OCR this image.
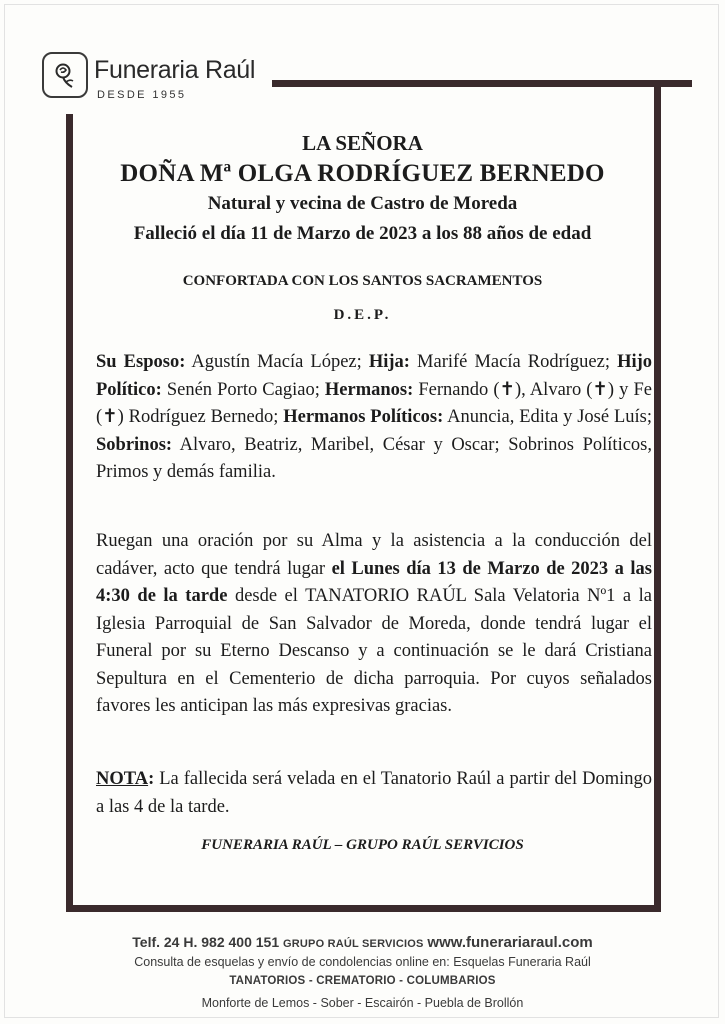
Funeraria Raúl
DESDE 1955
LA SEÑORA
DOÑA Mª OLGA RODRÍGUEZ BERNEDO
Natural y vecina de Castro de Moreda
Falleció el día 11 de Marzo de 2023 a los 88 años de edad
CONFORTADA CON LOS SANTOS SACRAMENTOS
D.E.P.
Su Esposo: Agustín Macía López; Hija: Marifé Macía Rodríguez; Hijo Político: Senén Porto Cagiao; Hermanos: Fernando (✝), Alvaro (✝) y Fe (✝) Rodríguez Bernedo; Hermanos Políticos: Anuncia, Edita y José Luís; Sobrinos: Alvaro, Beatriz, Maribel, César y Oscar; Sobrinos Políticos, Primos y demás familia.
Ruegan una oración por su Alma y la asistencia a la conducción del cadáver, acto que tendrá lugar el Lunes día 13 de Marzo de 2023 a las 4:30 de la tarde desde el TANATORIO RAÚL Sala Velatoria Nº1 a la Iglesia Parroquial de San Salvador de Moreda, donde tendrá lugar el Funeral por su Eterno Descanso y a continuación se le dará Cristiana Sepultura en el Cementerio de dicha parroquia. Por cuyos señalados favores les anticipan las más expresivas gracias.
NOTA: La fallecida será velada en el Tanatorio Raúl a partir del Domingo a las 4 de la tarde.
FUNERARIA RAÚL – GRUPO RAÚL SERVICIOS
Telf. 24 H. 982 400 151 GRUPO RAÚL SERVICIOS www.funerariaraul.com
Consulta de esquelas y envío de condolencias online en: Esquelas Funeraria Raúl
TANATORIOS - CREMATORIO - COLUMBARIOS
Monforte de Lemos - Sober - Escairón - Puebla de Brollón
